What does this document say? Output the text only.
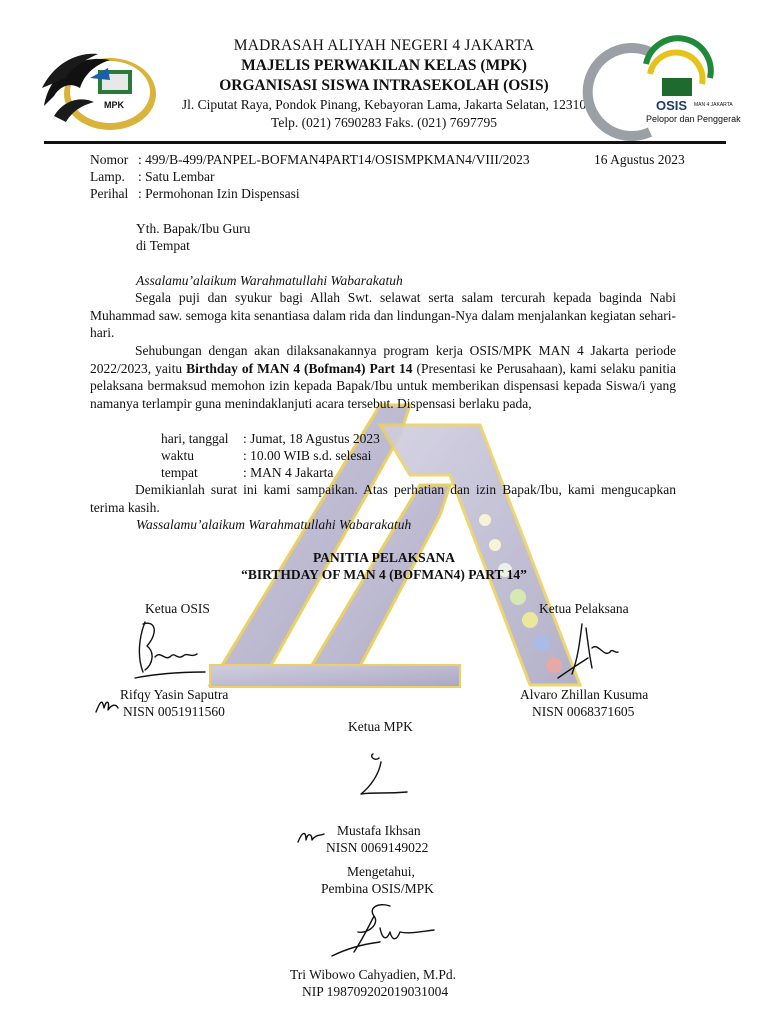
MPK
MADRASAH ALIYAH NEGERI 4 JAKARTA
MAJELIS PERWAKILAN KELAS (MPK)
ORGANISASI SISWA INTRASEKOLAH (OSIS)
Jl. Ciputat Raya, Pondok Pinang, Kebayoran Lama, Jakarta Selatan, 12310
Telp. (021) 7690283 Faks. (021) 7697795
OSIS MAN 4 JAKARTA
Pelopor dan Penggerak
Nomor : 499/B-499/PANPEL-BOFMAN4PART14/OSISMPKMAN4/VIII/2023	16 Agustus 2023
Lamp. : Satu Lembar
Perihal : Permohonan Izin Dispensasi
Yth. Bapak/Ibu Guru
di Tempat
Assalamu’alaikum Warahmatullahi Wabarakatuh
Segala puji dan syukur bagi Allah Swt. selawat serta salam tercurah kepada baginda Nabi Muhammad saw. semoga kita senantiasa dalam rida dan lindungan-Nya dalam menjalankan kegiatan sehari-hari.
Sehubungan dengan akan dilaksanakannya program kerja OSIS/MPK MAN 4 Jakarta periode 2022/2023, yaitu Birthday of MAN 4 (Bofman4) Part 14 (Presentasi ke Perusahaan), kami selaku panitia pelaksana bermaksud memohon izin kepada Bapak/Ibu untuk memberikan dispensasi kepada Siswa/i yang namanya terlampir guna menindaklanjuti acara tersebut. Dispensasi berlaku pada,
hari, tanggal : Jumat, 18 Agustus 2023
waktu	: 10.00 WIB s.d. selesai
tempat	: MAN 4 Jakarta
Demikianlah surat ini kami sampaikan. Atas perhatian dan izin Bapak/Ibu, kami mengucapkan terima kasih.
Wassalamu’alaikum Warahmatullahi Wabarakatuh
PANITIA PELAKSANA
“BIRTHDAY OF MAN 4 (BOFMAN4) PART 14”
Ketua OSIS	Ketua Pelaksana
Rifqy Yasin Saputra
NISN 0051911560
Alvaro Zhillan Kusuma
NISN 0068371605
Ketua MPK
Mustafa Ikhsan
NISN 0069149022
Mengetahui,
Pembina OSIS/MPK
Tri Wibowo Cahyadien, M.Pd.
NIP 198709202019031004
